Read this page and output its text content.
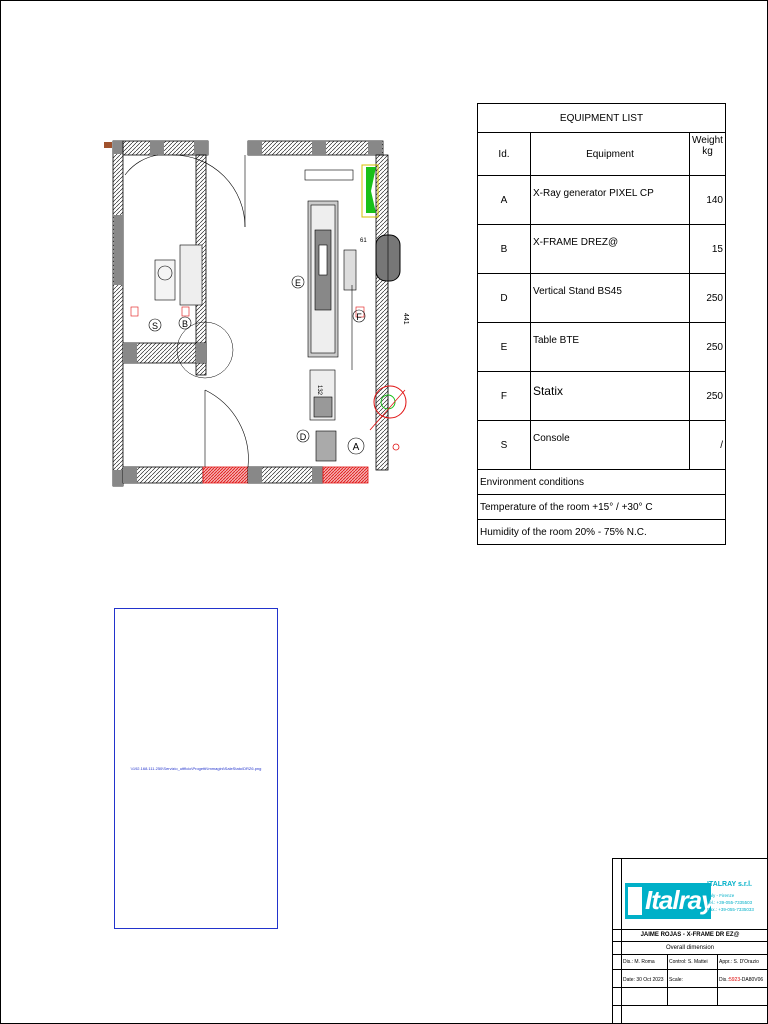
EQUIPMENT LIST		
Id.	Equipment	Weight
kg
A	X-Ray generator PIXEL CP	140
B	X-FRAME DREZ@	15
D	Vertical Stand BS45	250
E	Table BTE	250
F	Statix	250
S	Console	/
Environment conditions		
Temperature of the room +15° / +30° C		
Humidity of the room 20% - 75% N.C.		
E
F
S	B
D
A
441
132
61
\\192.168.111.250\Servizio_utfficio\Progetti\Immagini\SaleStato\DRZ6.png
Italray
ITALRAY s.r.l.
Italy - Firenze
Tel.: +39-055-7335503
Fax.: +39-055-7335033
JAIME ROJAS - X-FRAME DR EZ@
Overall dimension
Dis.: M. Roma	Control: S. Mattei	Appr.: S. D'Orazio
Date: 30 Oct 2023	Scale:	Dis.:5923-DA80V06
